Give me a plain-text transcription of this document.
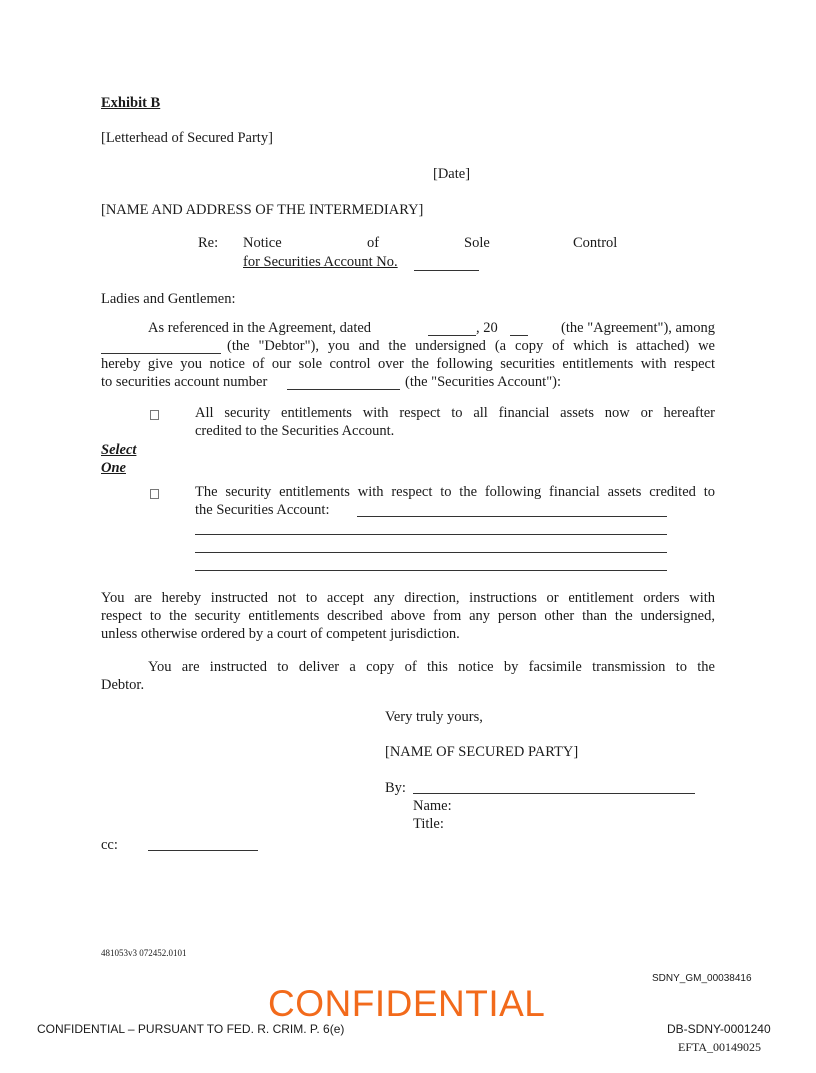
Exhibit B
[Letterhead of Secured Party]
[Date]
[NAME AND ADDRESS OF THE INTERMEDIARY]
Re: Notice	of	Sole	Control
for Securities Account No.
Ladies and Gentlemen:
As referenced in the Agreement, dated	, 20	(the "Agreement"), among
(the "Debtor"), you and the undersigned (a copy of which is attached) we
hereby give you notice of our sole control over the following securities entitlements with respect
to securities account number	(the "Securities Account"):
All security entitlements with respect to all financial assets now or hereafter
credited to the Securities Account.
Select
One
The security entitlements with respect to the following financial assets credited to
the Securities Account:
You are hereby instructed not to accept any direction, instructions or entitlement orders with
respect to the security entitlements described above from any person other than the undersigned,
unless otherwise ordered by a court of competent jurisdiction.
You are instructed to deliver a copy of this notice by facsimile transmission to the
Debtor.
Very truly yours,
[NAME OF SECURED PARTY]
By:
Name:
Title:
cc:
481053v3 072452.0101
SDNY_GM_00038416
CONFIDENTIAL
CONFIDENTIAL – PURSUANT TO FED. R. CRIM. P. 6(e)	DB-SDNY-0001240
EFTA_00149025
